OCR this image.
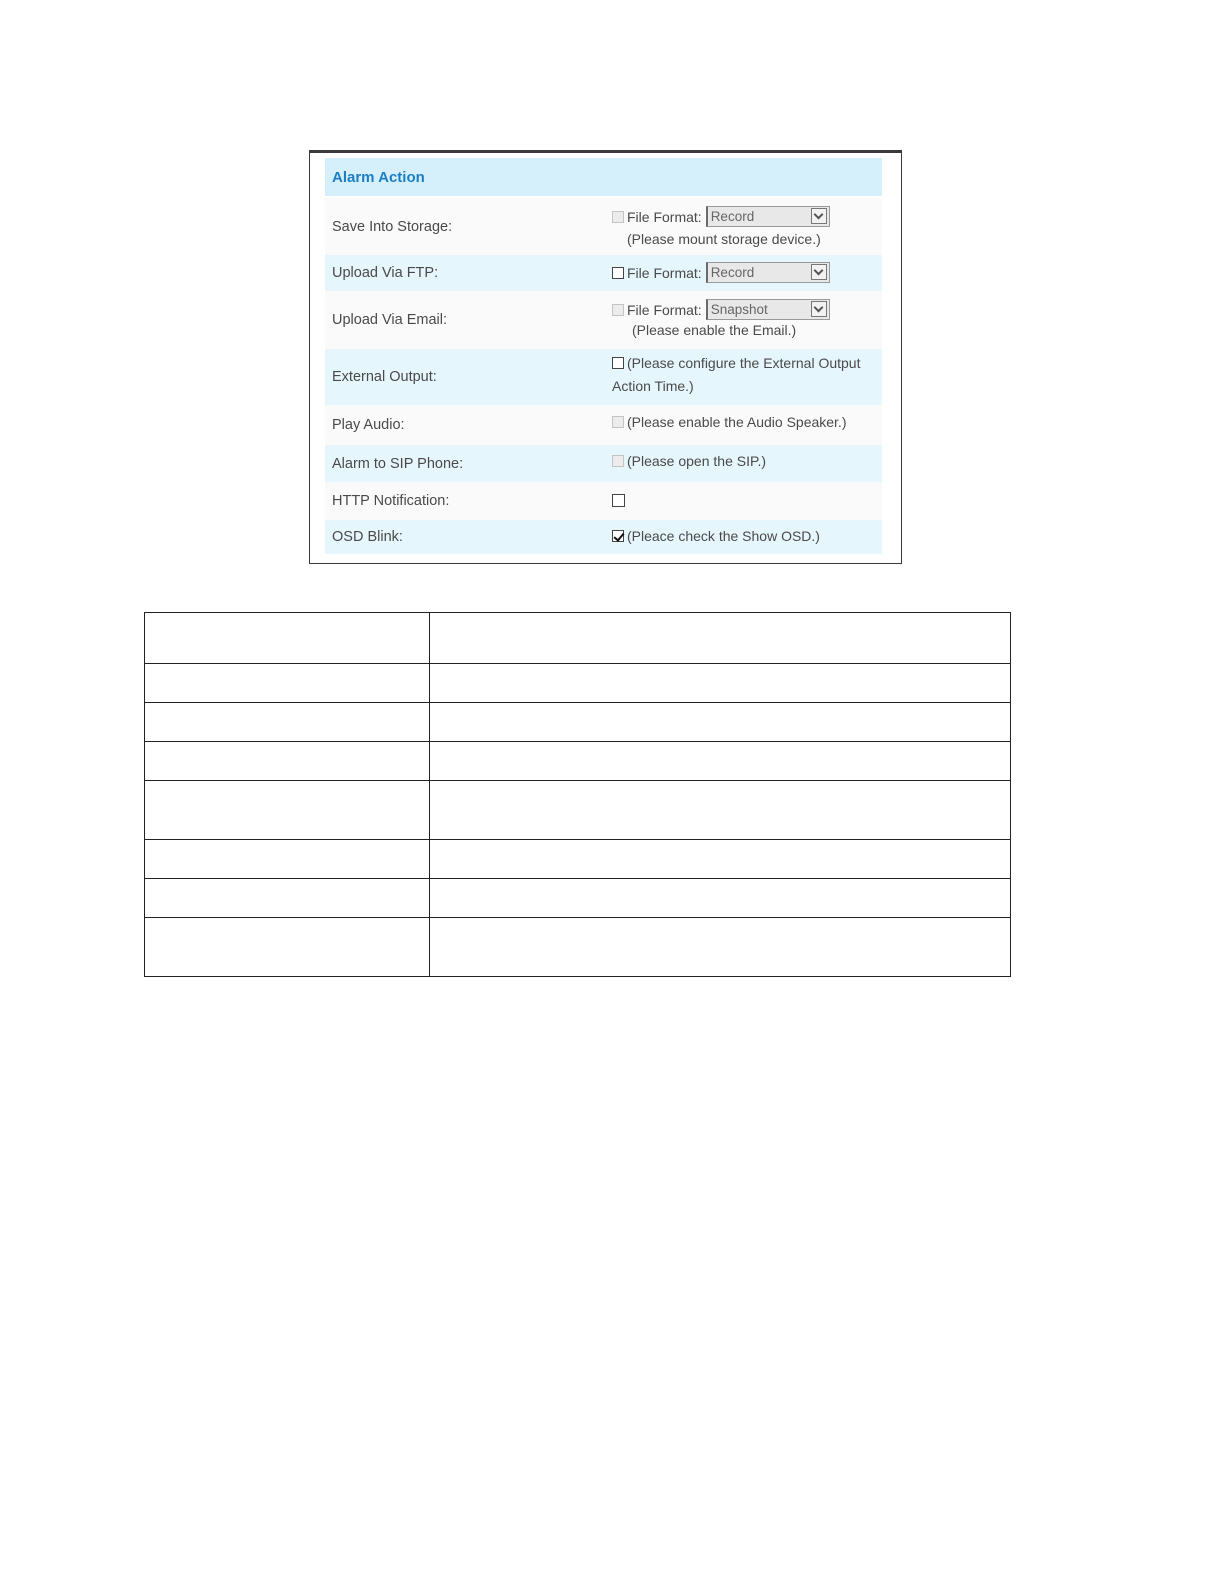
Alarm Action
Save Into Storage:
File Format: Record
(Please mount storage device.)
Upload Via FTP:	File Format: Record
Upload Via Email:
File Format: Snapshot
(Please enable the Email.)
External Output:
(Please configure the External Output
Action Time.)
Play Audio:	(Please enable the Audio Speaker.)
Alarm to SIP Phone:	(Please open the SIP.)
HTTP Notification:
OSD Blink:	(Pleace check the Show OSD.)
